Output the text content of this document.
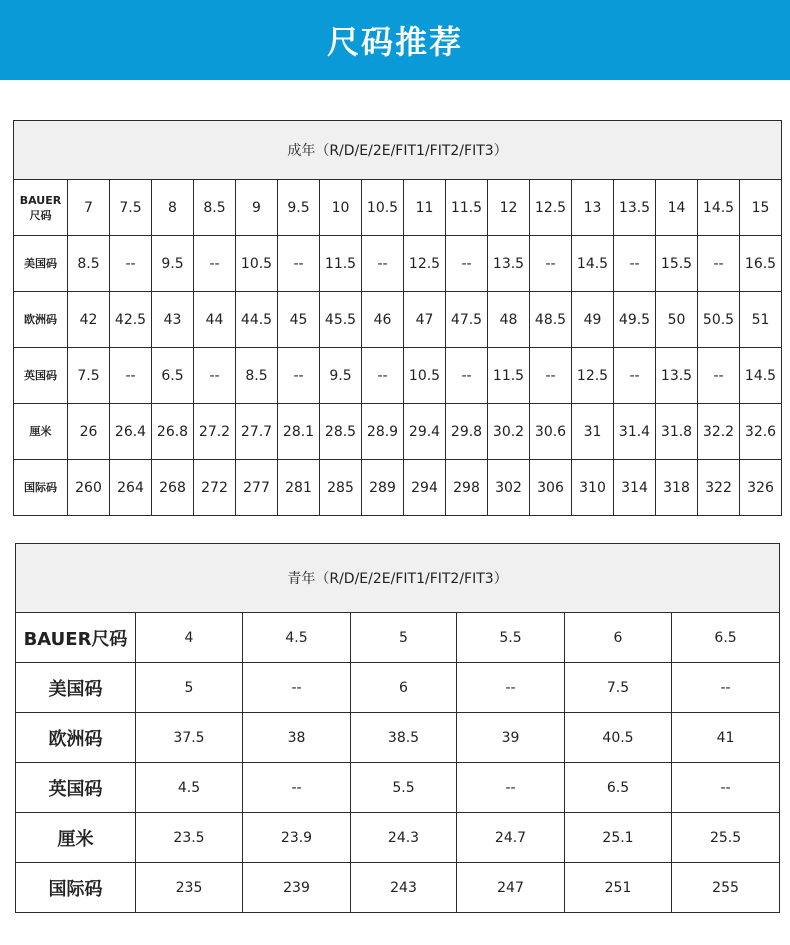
尺码推荐
成年（R/D/E/2E/FIT1/FIT2/FIT3）																	
BAUER
尺码	7	7.5	8	8.5	9	9.5	10	10.5	11	11.5	12	12.5	13	13.5	14	14.5	15
美国码	8.5	--	9.5	--	10.5	--	11.5	--	12.5	--	13.5	--	14.5	--	15.5	--	16.5
欧洲码	42	42.5	43	44	44.5	45	45.5	46	47	47.5	48	48.5	49	49.5	50	50.5	51
英国码	7.5	--	6.5	--	8.5	--	9.5	--	10.5	--	11.5	--	12.5	--	13.5	--	14.5
厘米	26	26.4	26.8	27.2	27.7	28.1	28.5	28.9	29.4	29.8	30.2	30.6	31	31.4	31.8	32.2	32.6
国际码	260	264	268	272	277	281	285	289	294	298	302	306	310	314	318	322	326
青年（R/D/E/2E/FIT1/FIT2/FIT3）						
BAUER尺码	4	4.5	5	5.5	6	6.5
美国码	5	--	6	--	7.5	--
欧洲码	37.5	38	38.5	39	40.5	41
英国码	4.5	--	5.5	--	6.5	--
厘米	23.5	23.9	24.3	24.7	25.1	25.5
国际码	235	239	243	247	251	255
